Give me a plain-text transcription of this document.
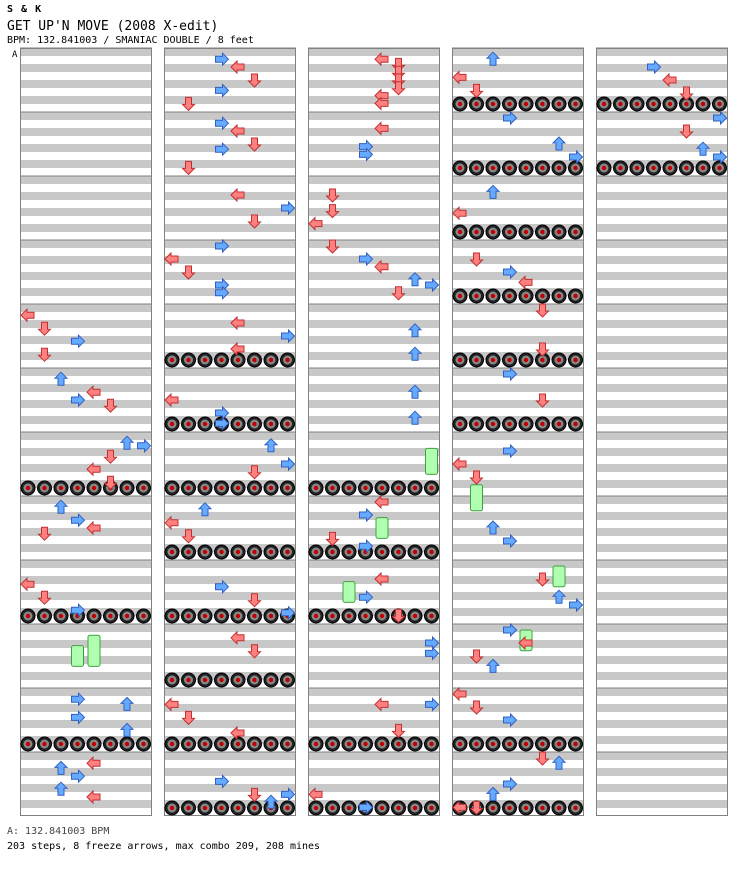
S & K
GET UP'N MOVE (2008 X-edit)
BPM: 132.841003 / SMANIAC DOUBLE / 8 feet
A
A: 132.841003 BPM
203 steps, 8 freeze arrows, max combo 209, 208 mines
